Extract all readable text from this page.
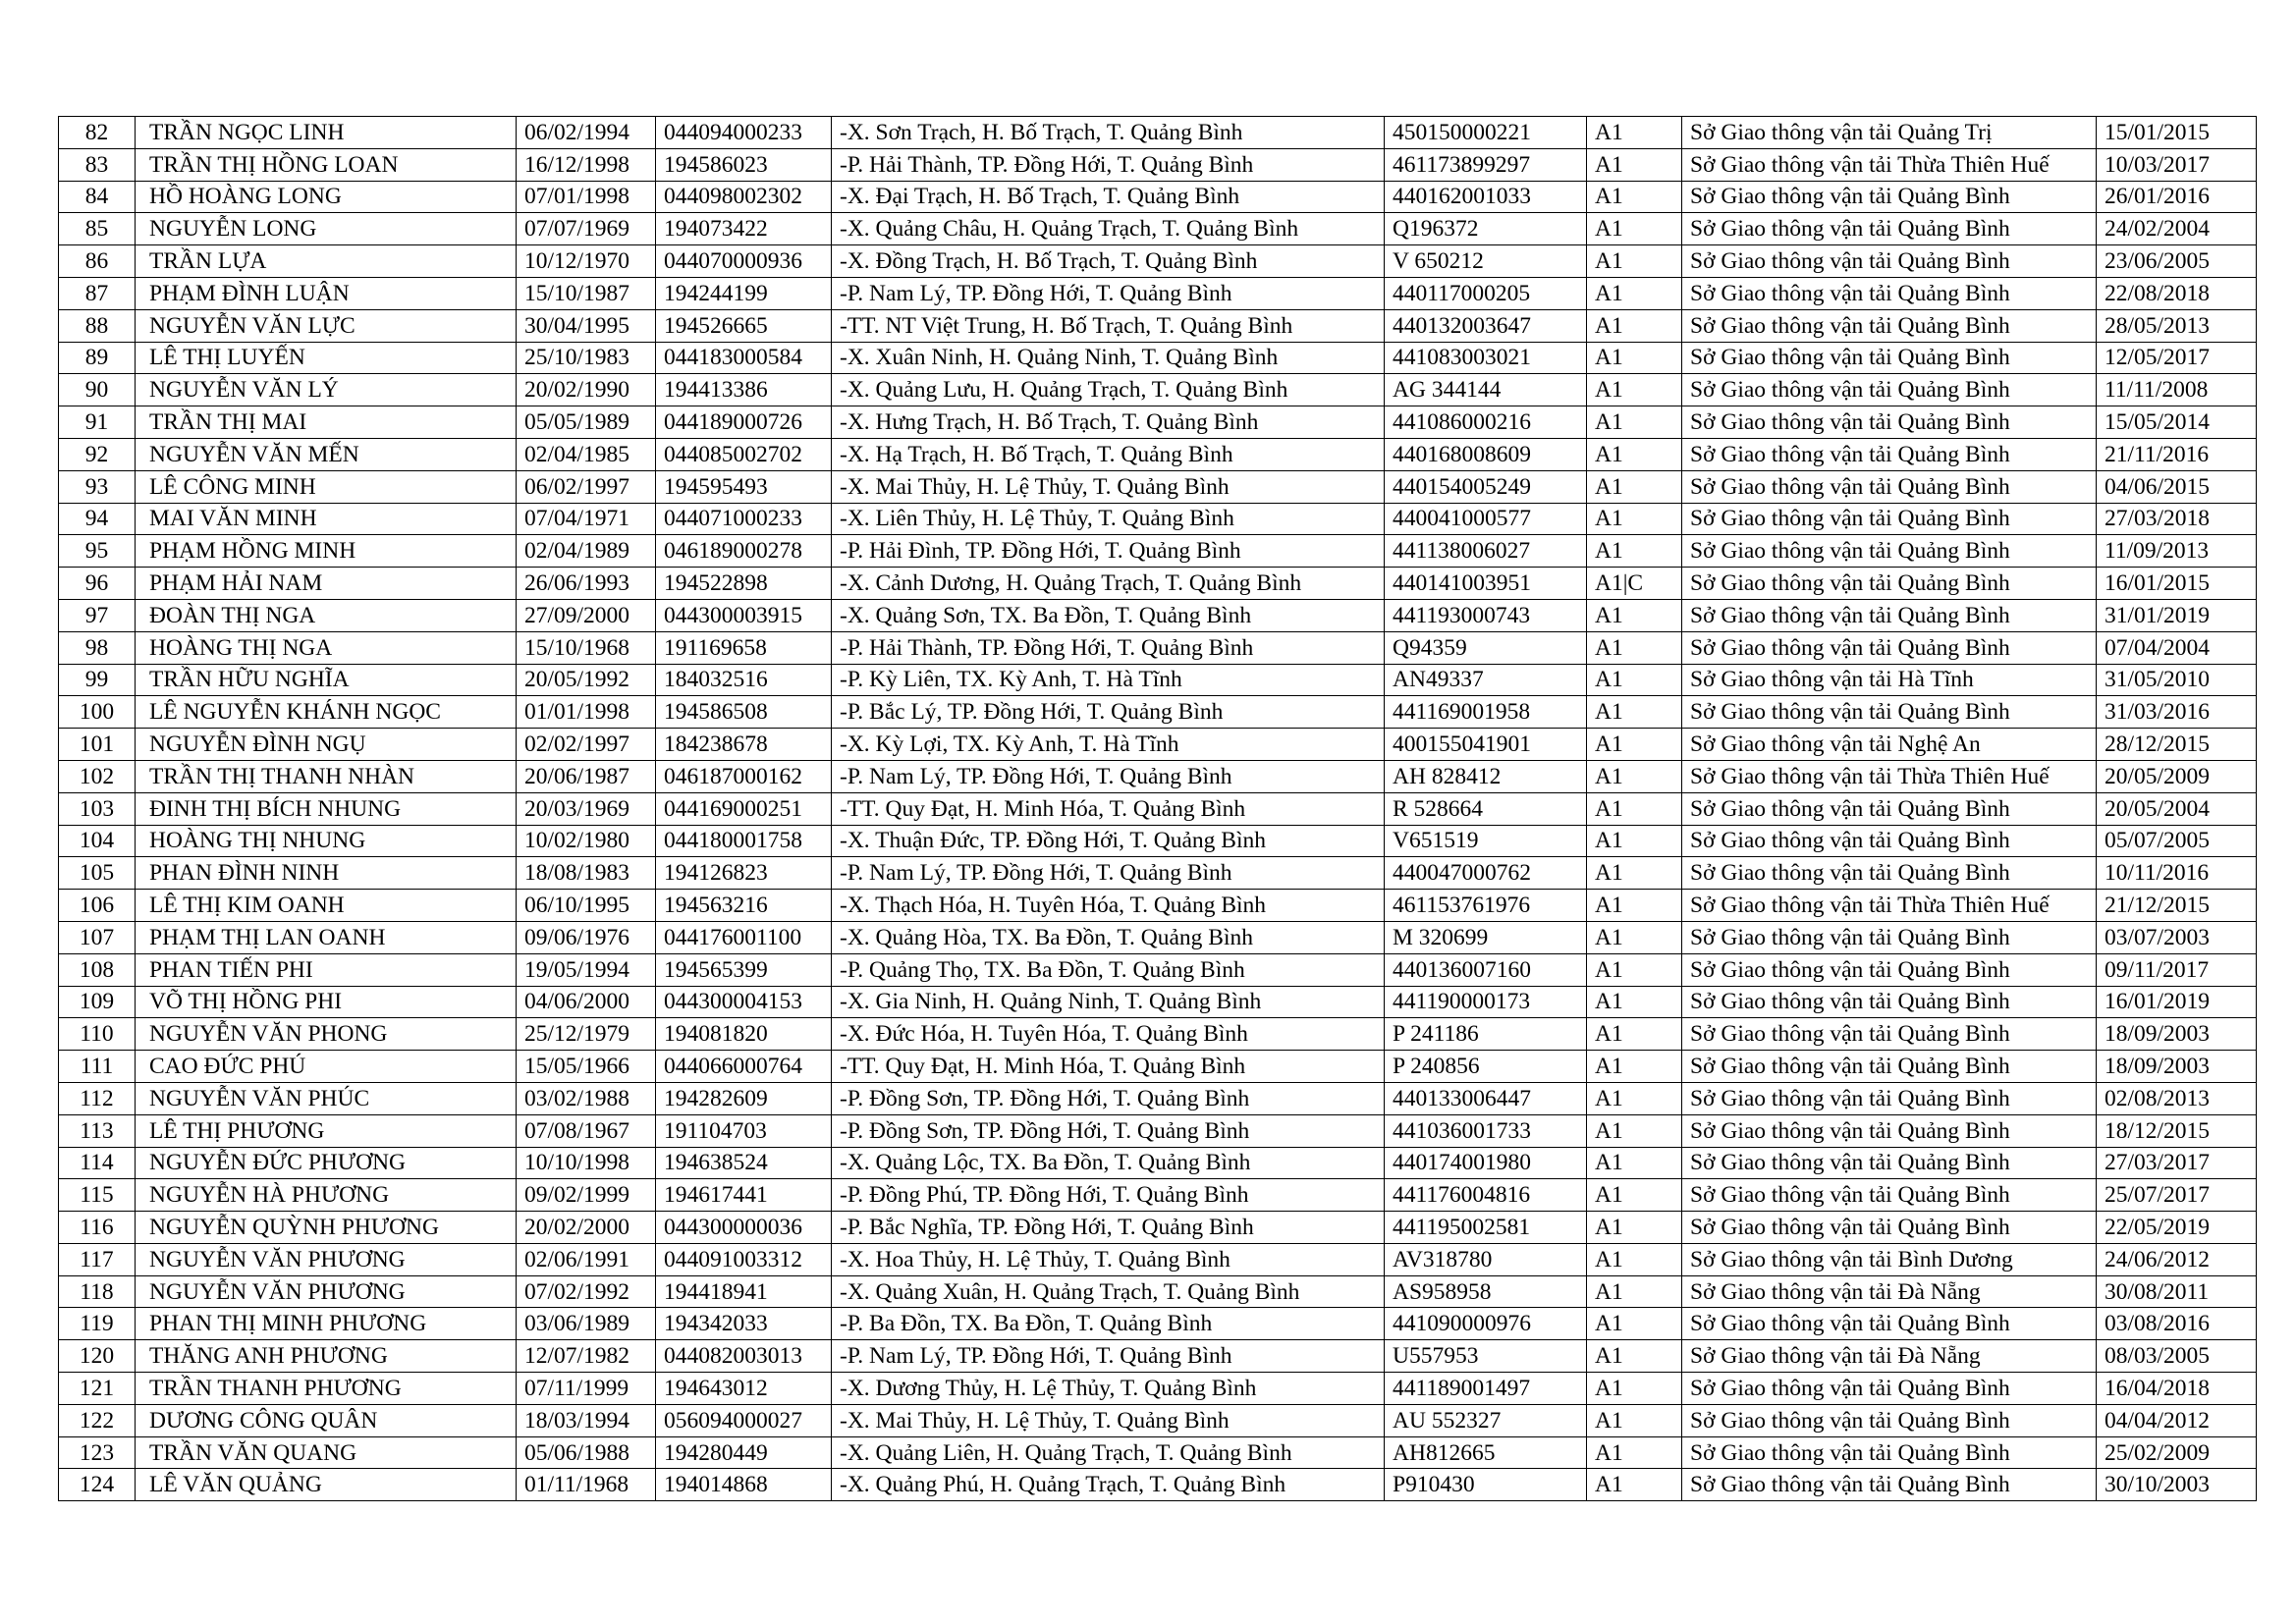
82	TRẦN NGỌC LINH	06/02/1994	044094000233	-X. Sơn Trạch, H. Bố Trạch, T. Quảng Bình	450150000221	A1	Sở Giao thông vận tải Quảng Trị	15/01/2015
83	TRẦN THỊ HỒNG LOAN	16/12/1998	194586023	-P. Hải Thành, TP. Đồng Hới, T. Quảng Bình	461173899297	A1	Sở Giao thông vận tải Thừa Thiên Huế	10/03/2017
84	HỒ HOÀNG LONG	07/01/1998	044098002302	-X. Đại Trạch, H. Bố Trạch, T. Quảng Bình	440162001033	A1	Sở Giao thông vận tải Quảng Bình	26/01/2016
85	NGUYỄN LONG	07/07/1969	194073422	-X. Quảng Châu, H. Quảng Trạch, T. Quảng Bình	Q196372	A1	Sở Giao thông vận tải Quảng Bình	24/02/2004
86	TRẦN LỰA	10/12/1970	044070000936	-X. Đồng Trạch, H. Bố Trạch, T. Quảng Bình	V 650212	A1	Sở Giao thông vận tải Quảng Bình	23/06/2005
87	PHẠM ĐÌNH LUẬN	15/10/1987	194244199	-P. Nam Lý, TP. Đồng Hới, T. Quảng Bình	440117000205	A1	Sở Giao thông vận tải Quảng Bình	22/08/2018
88	NGUYỄN VĂN LỰC	30/04/1995	194526665	-TT. NT Việt Trung, H. Bố Trạch, T. Quảng Bình	440132003647	A1	Sở Giao thông vận tải Quảng Bình	28/05/2013
89	LÊ THỊ LUYẾN	25/10/1983	044183000584	-X. Xuân Ninh, H. Quảng Ninh, T. Quảng Bình	441083003021	A1	Sở Giao thông vận tải Quảng Bình	12/05/2017
90	NGUYỄN VĂN LÝ	20/02/1990	194413386	-X. Quảng Lưu, H. Quảng Trạch, T. Quảng Bình	AG 344144	A1	Sở Giao thông vận tải Quảng Bình	11/11/2008
91	TRẦN THỊ MAI	05/05/1989	044189000726	-X. Hưng Trạch, H. Bố Trạch, T. Quảng Bình	441086000216	A1	Sở Giao thông vận tải Quảng Bình	15/05/2014
92	NGUYỄN VĂN MẾN	02/04/1985	044085002702	-X. Hạ Trạch, H. Bố Trạch, T. Quảng Bình	440168008609	A1	Sở Giao thông vận tải Quảng Bình	21/11/2016
93	LÊ CÔNG MINH	06/02/1997	194595493	-X. Mai Thủy, H. Lệ Thủy, T. Quảng Bình	440154005249	A1	Sở Giao thông vận tải Quảng Bình	04/06/2015
94	MAI VĂN MINH	07/04/1971	044071000233	-X. Liên Thủy, H. Lệ Thủy, T. Quảng Bình	440041000577	A1	Sở Giao thông vận tải Quảng Bình	27/03/2018
95	PHẠM HỒNG MINH	02/04/1989	046189000278	-P. Hải Đình, TP. Đồng Hới, T. Quảng Bình	441138006027	A1	Sở Giao thông vận tải Quảng Bình	11/09/2013
96	PHẠM HẢI NAM	26/06/1993	194522898	-X. Cảnh Dương, H. Quảng Trạch, T. Quảng Bình	440141003951	A1|C	Sở Giao thông vận tải Quảng Bình	16/01/2015
97	ĐOÀN THỊ NGA	27/09/2000	044300003915	-X. Quảng Sơn, TX. Ba Đồn, T. Quảng Bình	441193000743	A1	Sở Giao thông vận tải Quảng Bình	31/01/2019
98	HOÀNG THỊ NGA	15/10/1968	191169658	-P. Hải Thành, TP. Đồng Hới, T. Quảng Bình	Q94359	A1	Sở Giao thông vận tải Quảng Bình	07/04/2004
99	TRẦN HỮU NGHĨA	20/05/1992	184032516	-P. Kỳ Liên, TX. Kỳ Anh, T. Hà Tĩnh	AN49337	A1	Sở Giao thông vận tải Hà Tĩnh	31/05/2010
100	LÊ NGUYỄN KHÁNH NGỌC	01/01/1998	194586508	-P. Bắc Lý, TP. Đồng Hới, T. Quảng Bình	441169001958	A1	Sở Giao thông vận tải Quảng Bình	31/03/2016
101	NGUYỄN ĐÌNH NGỤ	02/02/1997	184238678	-X. Kỳ Lợi, TX. Kỳ Anh, T. Hà Tĩnh	400155041901	A1	Sở Giao thông vận tải Nghệ An	28/12/2015
102	TRẦN THỊ THANH NHÀN	20/06/1987	046187000162	-P. Nam Lý, TP. Đồng Hới, T. Quảng Bình	AH 828412	A1	Sở Giao thông vận tải Thừa Thiên Huế	20/05/2009
103	ĐINH THỊ BÍCH NHUNG	20/03/1969	044169000251	-TT. Quy Đạt, H. Minh Hóa, T. Quảng Bình	R 528664	A1	Sở Giao thông vận tải Quảng Bình	20/05/2004
104	HOÀNG THỊ NHUNG	10/02/1980	044180001758	-X. Thuận Đức, TP. Đồng Hới, T. Quảng Bình	V651519	A1	Sở Giao thông vận tải Quảng Bình	05/07/2005
105	PHAN ĐÌNH NINH	18/08/1983	194126823	-P. Nam Lý, TP. Đồng Hới, T. Quảng Bình	440047000762	A1	Sở Giao thông vận tải Quảng Bình	10/11/2016
106	LÊ THỊ KIM OANH	06/10/1995	194563216	-X. Thạch Hóa, H. Tuyên Hóa, T. Quảng Bình	461153761976	A1	Sở Giao thông vận tải Thừa Thiên Huế	21/12/2015
107	PHẠM THỊ LAN OANH	09/06/1976	044176001100	-X. Quảng Hòa, TX. Ba Đồn, T. Quảng Bình	M 320699	A1	Sở Giao thông vận tải Quảng Bình	03/07/2003
108	PHAN TIẾN PHI	19/05/1994	194565399	-P. Quảng Thọ, TX. Ba Đồn, T. Quảng Bình	440136007160	A1	Sở Giao thông vận tải Quảng Bình	09/11/2017
109	VÕ THỊ HỒNG PHI	04/06/2000	044300004153	-X. Gia Ninh, H. Quảng Ninh, T. Quảng Bình	441190000173	A1	Sở Giao thông vận tải Quảng Bình	16/01/2019
110	NGUYỄN VĂN PHONG	25/12/1979	194081820	-X. Đức Hóa, H. Tuyên Hóa, T. Quảng Bình	P 241186	A1	Sở Giao thông vận tải Quảng Bình	18/09/2003
111	CAO ĐỨC PHÚ	15/05/1966	044066000764	-TT. Quy Đạt, H. Minh Hóa, T. Quảng Bình	P 240856	A1	Sở Giao thông vận tải Quảng Bình	18/09/2003
112	NGUYỄN VĂN PHÚC	03/02/1988	194282609	-P. Đồng Sơn, TP. Đồng Hới, T. Quảng Bình	440133006447	A1	Sở Giao thông vận tải Quảng Bình	02/08/2013
113	LÊ THỊ PHƯƠNG	07/08/1967	191104703	-P. Đồng Sơn, TP. Đồng Hới, T. Quảng Bình	441036001733	A1	Sở Giao thông vận tải Quảng Bình	18/12/2015
114	NGUYỄN ĐỨC PHƯƠNG	10/10/1998	194638524	-X. Quảng Lộc, TX. Ba Đồn, T. Quảng Bình	440174001980	A1	Sở Giao thông vận tải Quảng Bình	27/03/2017
115	NGUYỄN HÀ PHƯƠNG	09/02/1999	194617441	-P. Đồng Phú, TP. Đồng Hới, T. Quảng Bình	441176004816	A1	Sở Giao thông vận tải Quảng Bình	25/07/2017
116	NGUYỄN QUỲNH PHƯƠNG	20/02/2000	044300000036	-P. Bắc Nghĩa, TP. Đồng Hới, T. Quảng Bình	441195002581	A1	Sở Giao thông vận tải Quảng Bình	22/05/2019
117	NGUYỄN VĂN PHƯƠNG	02/06/1991	044091003312	-X. Hoa Thủy, H. Lệ Thủy, T. Quảng Bình	AV318780	A1	Sở Giao thông vận tải Bình Dương	24/06/2012
118	NGUYỄN VĂN PHƯƠNG	07/02/1992	194418941	-X. Quảng Xuân, H. Quảng Trạch, T. Quảng Bình	AS958958	A1	Sở Giao thông vận tải Đà Nẵng	30/08/2011
119	PHAN THỊ MINH PHƯƠNG	03/06/1989	194342033	-P. Ba Đồn, TX. Ba Đồn, T. Quảng Bình	441090000976	A1	Sở Giao thông vận tải Quảng Bình	03/08/2016
120	THĂNG ANH PHƯƠNG	12/07/1982	044082003013	-P. Nam Lý, TP. Đồng Hới, T. Quảng Bình	U557953	A1	Sở Giao thông vận tải Đà Nẵng	08/03/2005
121	TRẦN THANH PHƯƠNG	07/11/1999	194643012	-X. Dương Thủy, H. Lệ Thủy, T. Quảng Bình	441189001497	A1	Sở Giao thông vận tải Quảng Bình	16/04/2018
122	DƯƠNG CÔNG QUÂN	18/03/1994	056094000027	-X. Mai Thủy, H. Lệ Thủy, T. Quảng Bình	AU 552327	A1	Sở Giao thông vận tải Quảng Bình	04/04/2012
123	TRẦN VĂN QUANG	05/06/1988	194280449	-X. Quảng Liên, H. Quảng Trạch, T. Quảng Bình	AH812665	A1	Sở Giao thông vận tải Quảng Bình	25/02/2009
124	LÊ VĂN QUẢNG	01/11/1968	194014868	-X. Quảng Phú, H. Quảng Trạch, T. Quảng Bình	P910430	A1	Sở Giao thông vận tải Quảng Bình	30/10/2003
